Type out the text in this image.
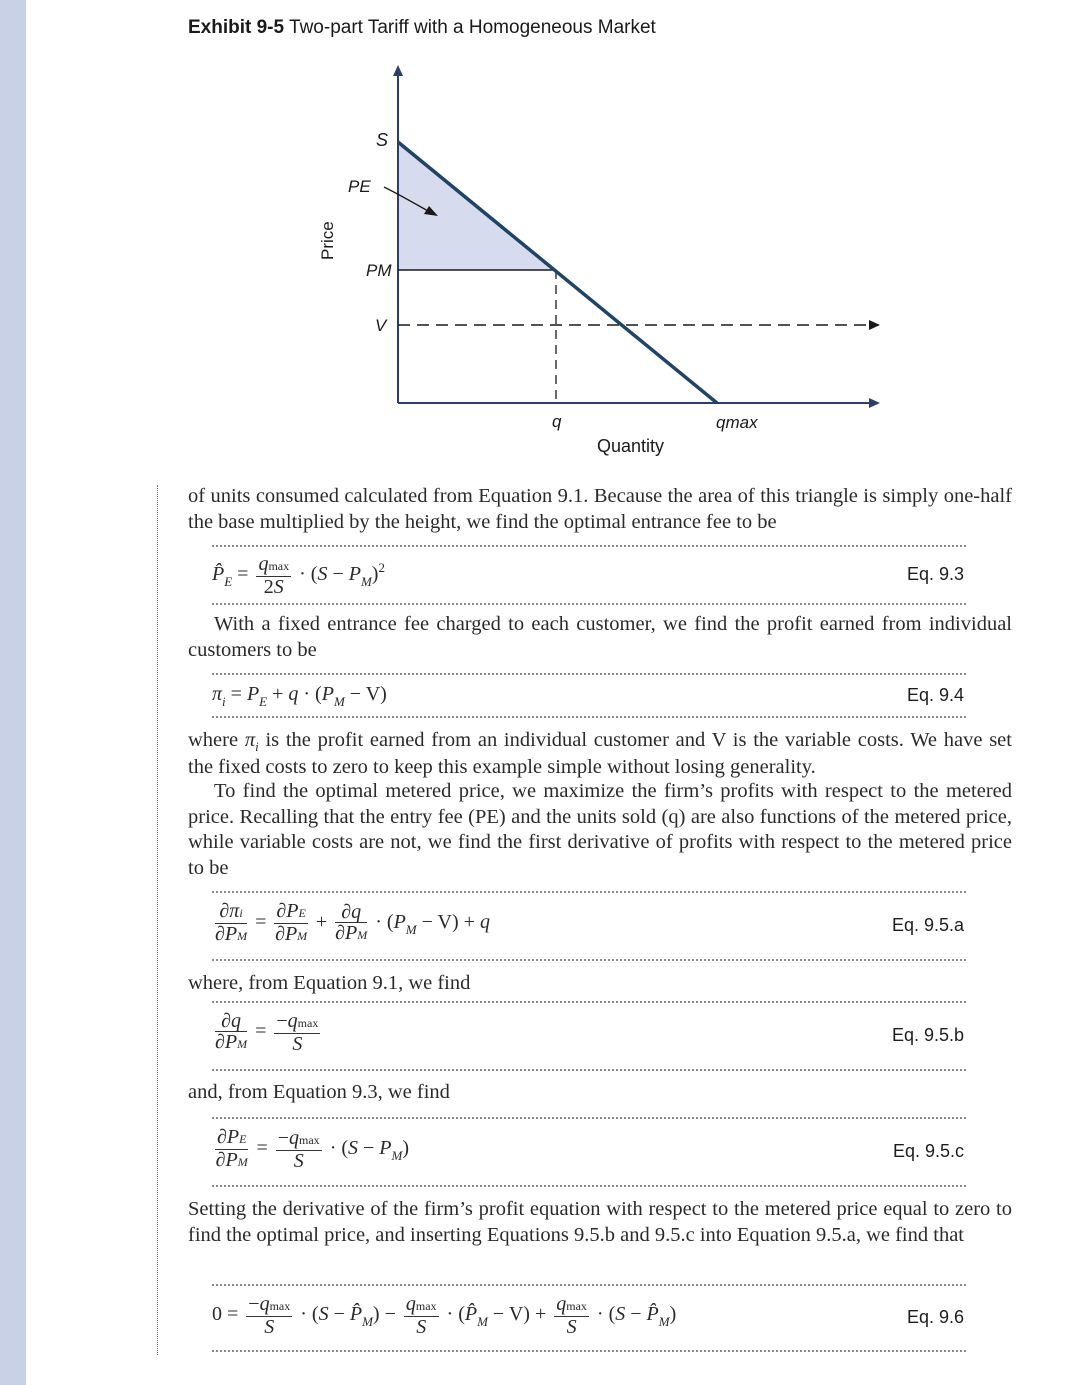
Exhibit 9-5 Two-part Tariff with a Homogeneous Market
S
PE
PM
V
q	qmax
Quantity
Price

of units consumed calculated from Equation 9.1. Because the area of this triangle is simply one-half the base multiplied by the height, we find the optimal entrance fee to be

$P̂_E = \frac{qmax}{2S} \cdot (S - P_M)^2$	Eq. 9.3

With a fixed entrance fee charged to each customer, we find the profit earned from individual customers to be

$\pi_i = P_E + q \cdot (P_M - V)$	Eq. 9.4

where $\pi_i$ is the profit earned from an individual customer and V is the variable costs. We have set the fixed costs to zero to keep this example simple without losing generality.

To find the optimal metered price, we maximize the firm’s profits with respect to the metered price. Recalling that the entry fee (PE) and the units sold (q) are also functions of the metered price, while variable costs are not, we find the first derivative of profits with respect to the metered price to be

$\frac{\partial\pi i}{\partial PM} = \frac{\partial PE}{\partial PM} + \frac{\partial q}{\partial PM} \cdot (P_M - V) + q$	Eq. 9.5.a

where, from Equation 9.1, we find

$\frac{\partial q}{\partial PM} = \frac{-qmax}{S}$	Eq. 9.5.b

and, from Equation 9.3, we find

$\frac{\partial PE}{\partial PM} = \frac{-qmax}{S} \cdot (S - P_M)$	Eq. 9.5.c

Setting the derivative of the firm’s profit equation with respect to the metered price equal to zero to find the optimal price, and inserting Equations 9.5.b and 9.5.c into Equation 9.5.a, we find that

$0 = \frac{-qmax}{S} \cdot (S$ − $P̂_M) - \frac{qmax}{S}$ · $(P̂_M - V) + \frac{qmax}{S} \cdot (S$ − $P̂_M$)	Eq. 9.6
